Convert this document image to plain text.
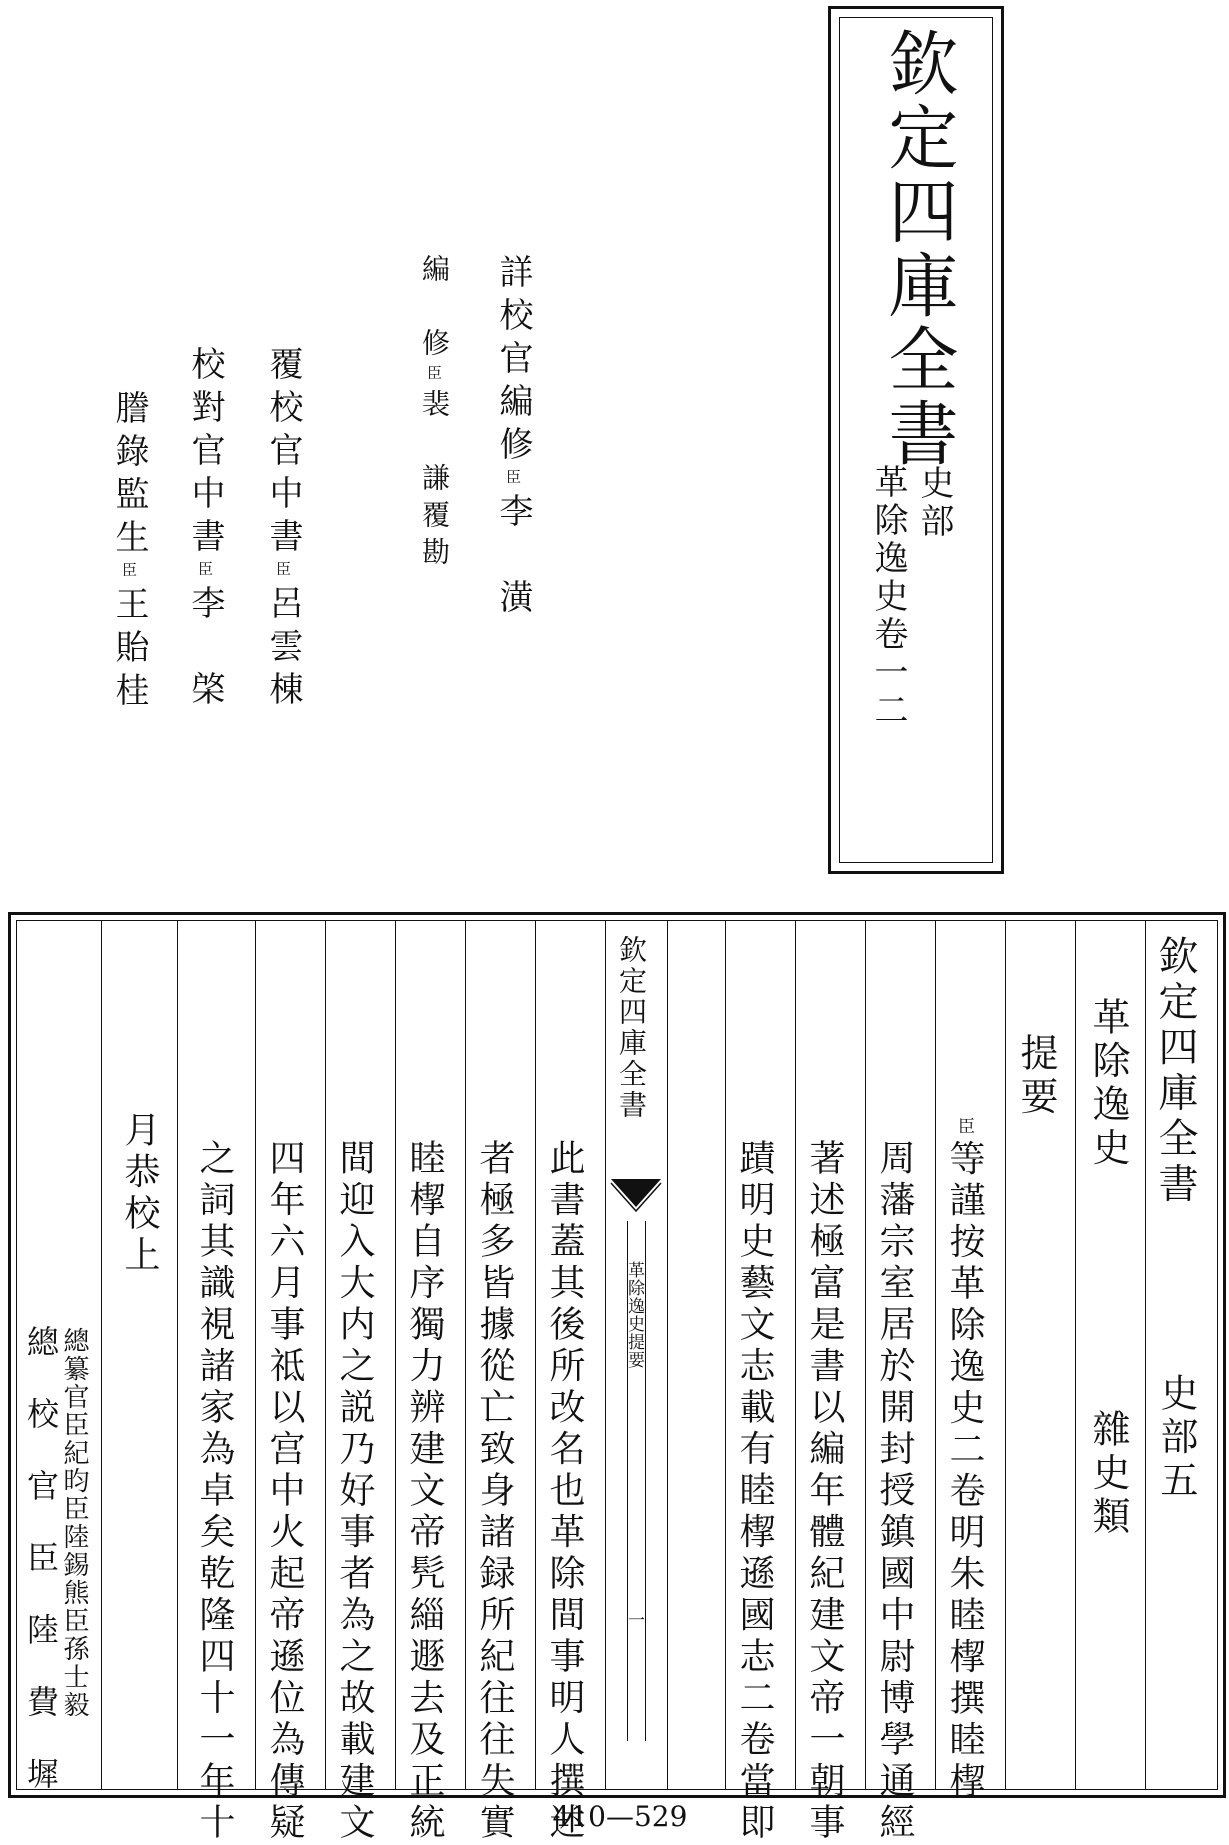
欽定四庫全書
史部
革除逸史卷一二
詳校官編修臣李　潢
編　修臣裴　謙覆勘
覆校官中書臣呂雲棟
校對官中書臣李　棨
謄錄監生臣王貽桂
欽定四庫全書
史部五
革除逸史
雜史類
提要
臣等謹按革除逸史二卷明朱睦㮮撰睦㮮
周藩宗室居於開封授鎮國中尉博學通經
著述極富是書以編年體紀建文帝一朝事
蹟明史藝文志載有睦㮮遜國志二卷當即
此書蓋其後所改名也革除間事明人撰述
者極多皆據從亡致身諸録所紀往往失實
睦㮮自序獨力辨建文帝髠緇遯去及正統
間迎入大内之説乃好事者為之故載建文
四年六月事祗以宫中火起帝遜位為傳疑
之詞其識視諸家為卓矣乾隆四十一年十
月恭校上
總纂官臣紀昀臣陸錫熊臣孫士毅
總　校　官　臣　陸　費　墀
欽定四庫全書
革除逸史提要
一
410—529
